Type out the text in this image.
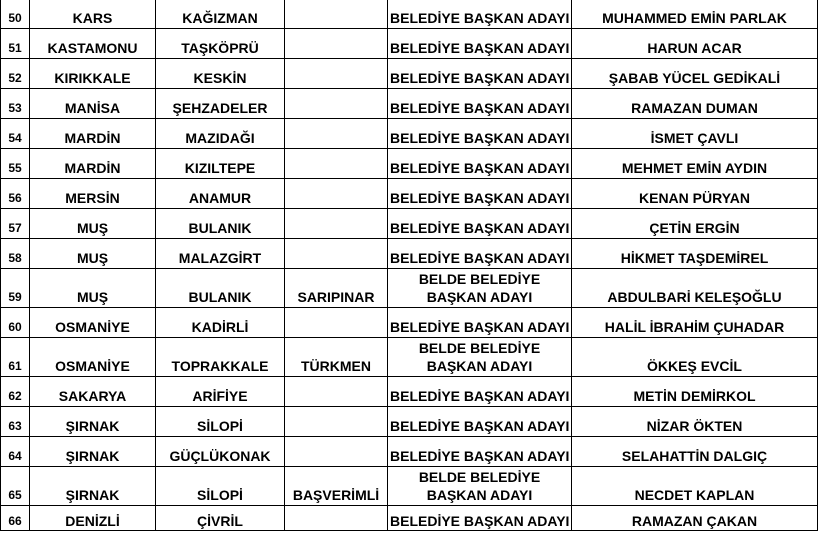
50	KARS	KAĞIZMAN		BELEDİYE BAŞKAN ADAYI	MUHAMMED EMİN PARLAK
51	KASTAMONU	TAŞKÖPRÜ		BELEDİYE BAŞKAN ADAYI	HARUN ACAR
52	KIRIKKALE	KESKİN		BELEDİYE BAŞKAN ADAYI	ŞABAB YÜCEL GEDİKALİ
53	MANİSA	ŞEHZADELER		BELEDİYE BAŞKAN ADAYI	RAMAZAN DUMAN
54	MARDİN	MAZIDAĞI		BELEDİYE BAŞKAN ADAYI	İSMET ÇAVLI
55	MARDİN	KIZILTEPE		BELEDİYE BAŞKAN ADAYI	MEHMET EMİN AYDIN
56	MERSİN	ANAMUR		BELEDİYE BAŞKAN ADAYI	KENAN PÜRYAN
57	MUŞ	BULANIK		BELEDİYE BAŞKAN ADAYI	ÇETİN ERGİN
58	MUŞ	MALAZGİRT		BELEDİYE BAŞKAN ADAYI	HİKMET TAŞDEMİREL
59	MUŞ	BULANIK	SARIPINAR	BELDE BELEDİYE BAŞKAN ADAYI	ABDULBARİ KELEŞOĞLU
60	OSMANİYE	KADİRLİ		BELEDİYE BAŞKAN ADAYI	HALİL İBRAHİM ÇUHADAR
61	OSMANİYE	TOPRAKKALE	TÜRKMEN	BELDE BELEDİYE BAŞKAN ADAYI	ÖKKEŞ EVCİL
62	SAKARYA	ARİFİYE		BELEDİYE BAŞKAN ADAYI	METİN DEMİRKOL
63	ŞIRNAK	SİLOPİ		BELEDİYE BAŞKAN ADAYI	NİZAR ÖKTEN
64	ŞIRNAK	GÜÇLÜKONAK		BELEDİYE BAŞKAN ADAYI	SELAHATTİN DALGIÇ
65	ŞIRNAK	SİLOPİ	BAŞVERİMLİ	BELDE BELEDİYE BAŞKAN ADAYI	NECDET KAPLAN
66	DENİZLİ	ÇİVRİL		BELEDİYE BAŞKAN ADAYI	RAMAZAN ÇAKAN
